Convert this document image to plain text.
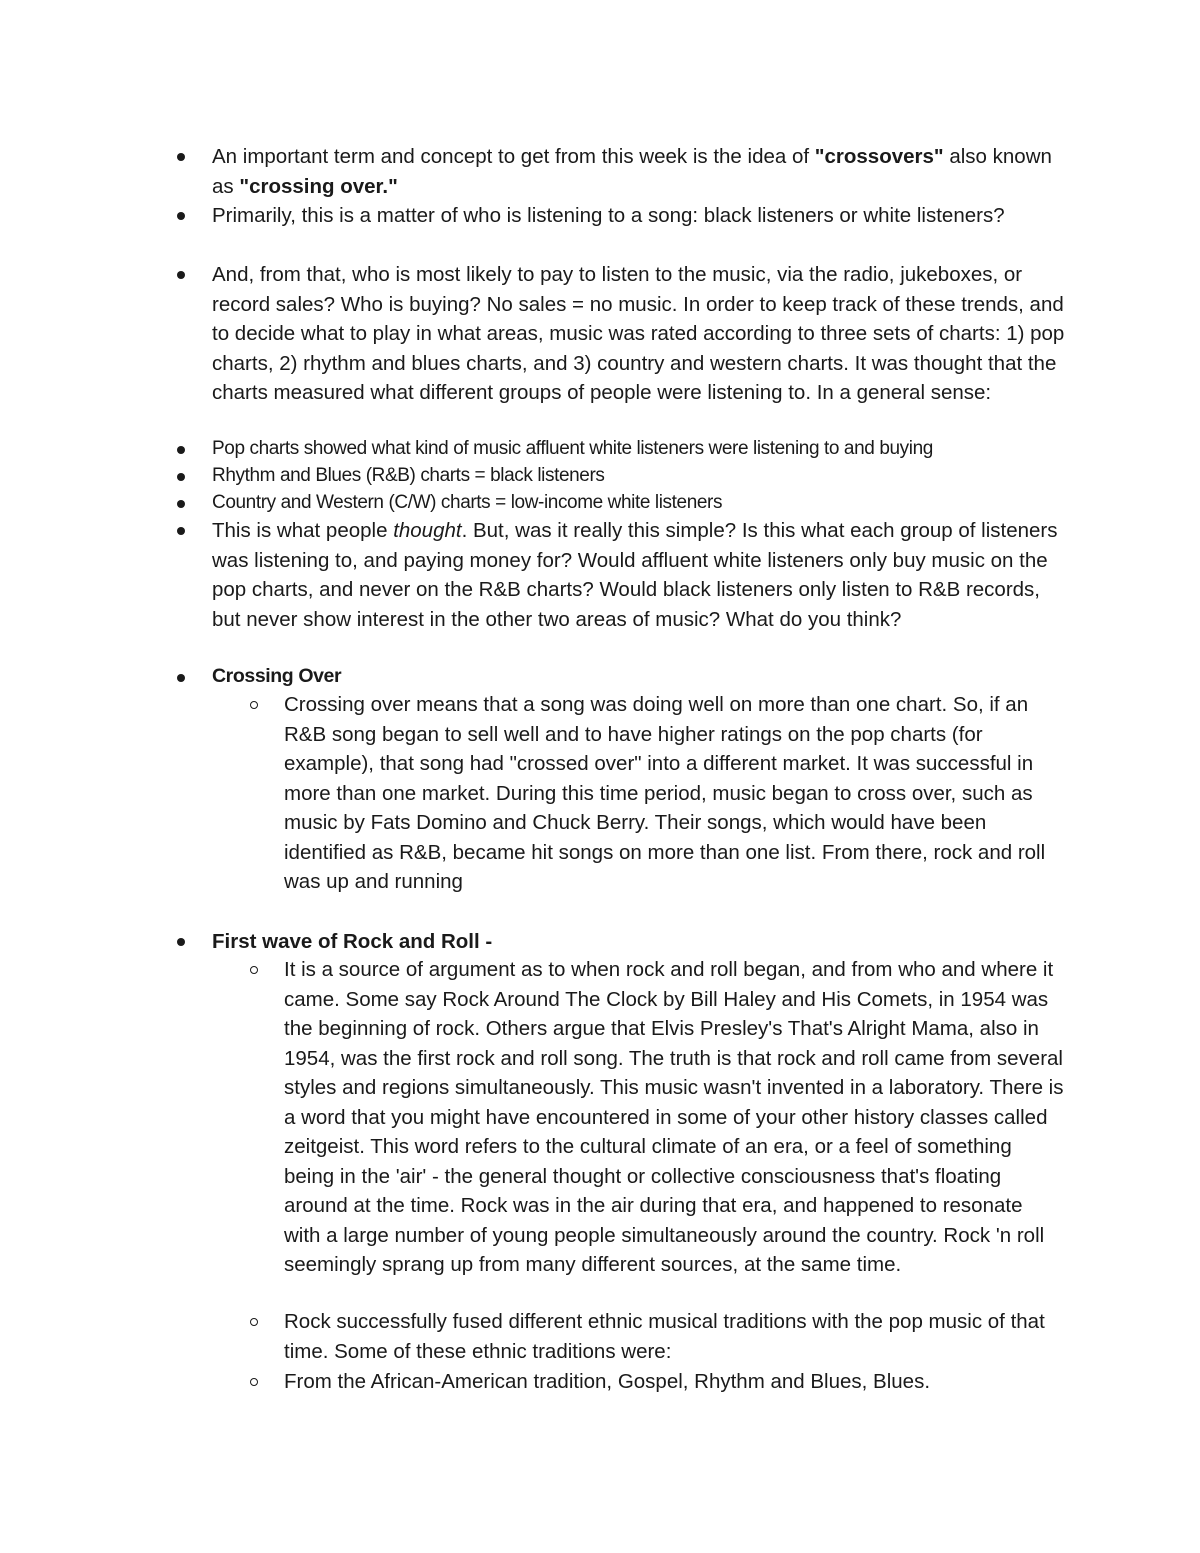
An important term and concept to get from this week is the idea of "crossovers" also known as "crossing over."
Primarily, this is a matter of who is listening to a song: black listeners or white listeners?
And, from that, who is most likely to pay to listen to the music, via the radio, jukeboxes, or record sales? Who is buying? No sales = no music. In order to keep track of these trends, and to decide what to play in what areas, music was rated according to three sets of charts: 1) pop charts, 2) rhythm and blues charts, and 3) country and western charts. It was thought that the charts measured what different groups of people were listening to. In a general sense:
Pop charts showed what kind of music affluent white listeners were listening to and buying
Rhythm and Blues (R&B) charts = black listeners
Country and Western (C/W) charts = low-income white listeners
This is what people thought. But, was it really this simple? Is this what each group of listeners was listening to, and paying money for? Would affluent white listeners only buy music on the pop charts, and never on the R&B charts? Would black listeners only listen to R&B records, but never show interest in the other two areas of music? What do you think?
Crossing Over
Crossing over means that a song was doing well on more than one chart. So, if an R&B song began to sell well and to have higher ratings on the pop charts (for example), that song had "crossed over" into a different market. It was successful in more than one market. During this time period, music began to cross over, such as music by Fats Domino and Chuck Berry. Their songs, which would have been identified as R&B, became hit songs on more than one list. From there, rock and roll was up and running
First wave of Rock and Roll -
It is a source of argument as to when rock and roll began, and from who and where it came. Some say Rock Around The Clock by Bill Haley and His Comets, in 1954 was the beginning of rock. Others argue that Elvis Presley's That's Alright Mama, also in 1954, was the first rock and roll song. The truth is that rock and roll came from several styles and regions simultaneously. This music wasn't invented in a laboratory. There is a word that you might have encountered in some of your other history classes called zeitgeist. This word refers to the cultural climate of an era, or a feel of something being in the 'air' - the general thought or collective consciousness that's floating around at the time. Rock was in the air during that era, and happened to resonate with a large number of young people simultaneously around the country. Rock 'n roll seemingly sprang up from many different sources, at the same time.
Rock successfully fused different ethnic musical traditions with the pop music of that time. Some of these ethnic traditions were:
From the African-American tradition, Gospel, Rhythm and Blues, Blues.
